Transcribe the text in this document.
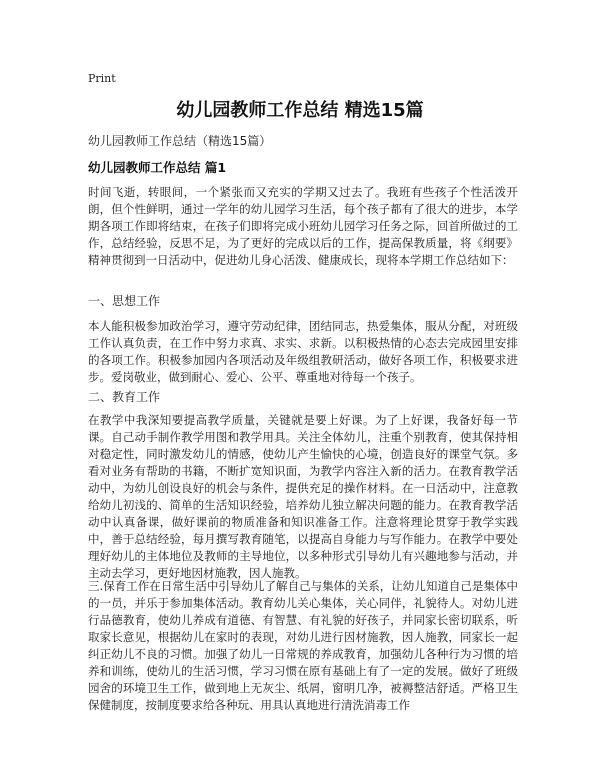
Print
幼儿园教师工作总结 精选15篇
幼儿园教师工作总结（精选15篇）
幼儿园教师工作总结 篇1

时间飞逝，转眼间，一个紧张而又充实的学期又过去了。我班有些孩子个性活泼开朗，但个性鲜明，通过一学年的幼儿园学习生活，每个孩子都有了很大的进步，本学期各项工作即将结束，在孩子们即将完成小班幼儿园学习任务之际，回首所做过的工作，总结经验，反思不足，为了更好的完成以后的工作，提高保教质量，将《纲要》精神贯彻到一日活动中，促进幼儿身心活泼、健康成长，现将本学期工作总结如下：

一、思想工作

本人能积极参加政治学习，遵守劳动纪律，团结同志，热爱集体，服从分配，对班级工作认真负责，在工作中努力求真、求实、求新。以积极热情的心态去完成园里安排的各项工作。积极参加园内各项活动及年级组教研活动，做好各项工作，积极要求进步。爱岗敬业，做到耐心、爱心、公平、尊重地对待每一个孩子。

二、教育工作

在教学中我深知要提高教学质量，关键就是要上好课。为了上好课，我备好每一节课。自己动手制作教学用图和教学用具。关注全体幼儿，注重个别教育，使其保持相对稳定性，同时激发幼儿的情感，使幼儿产生愉快的心境，创造良好的课堂气氛。多看对业务有帮助的书籍，不断扩宽知识面，为教学内容注入新的活力。在教育教学活动中，为幼儿创设良好的机会与条件，提供充足的操作材料。在一日活动中，注意教给幼儿初浅的、简单的生活知识经验，培养幼儿独立解决问题的能力。在教育教学活动中认真备课，做好课前的物质准备和知识准备工作。注意将理论贯穿于教学实践中，善于总结经验，每月撰写教育随笔，以提高自身能力与写作能力。在教学中要处理好幼儿的主体地位及教师的主导地位，以多种形式引导幼儿有兴趣地参与活动，并主动去学习，更好地因材施教，因人施教。

三.保育工作在日常生活中引导幼儿了解自己与集体的关系，让幼儿知道自己是集体中的一员，并乐于参加集体活动。教育幼儿关心集体，关心同伴，礼貌待人。对幼儿进行品德教育，使幼儿养成有道德、有智慧、有礼貌的好孩子，并同家长密切联系，听取家长意见，根据幼儿在家时的表现，对幼儿进行因材施教，因人施教，同家长一起纠正幼儿不良的习惯。加强了幼儿一日常规的养成教育，加强幼儿各种行为习惯的培养和训练，使幼儿的生活习惯，学习习惯在原有基础上有了一定的发展。做好了班级园舍的环境卫生工作，做到地上无灰尘、纸屑，窗明几净，被褥整洁舒适。严格卫生保健制度，按制度要求给各种玩、用具认真地进行清洗消毒工作
